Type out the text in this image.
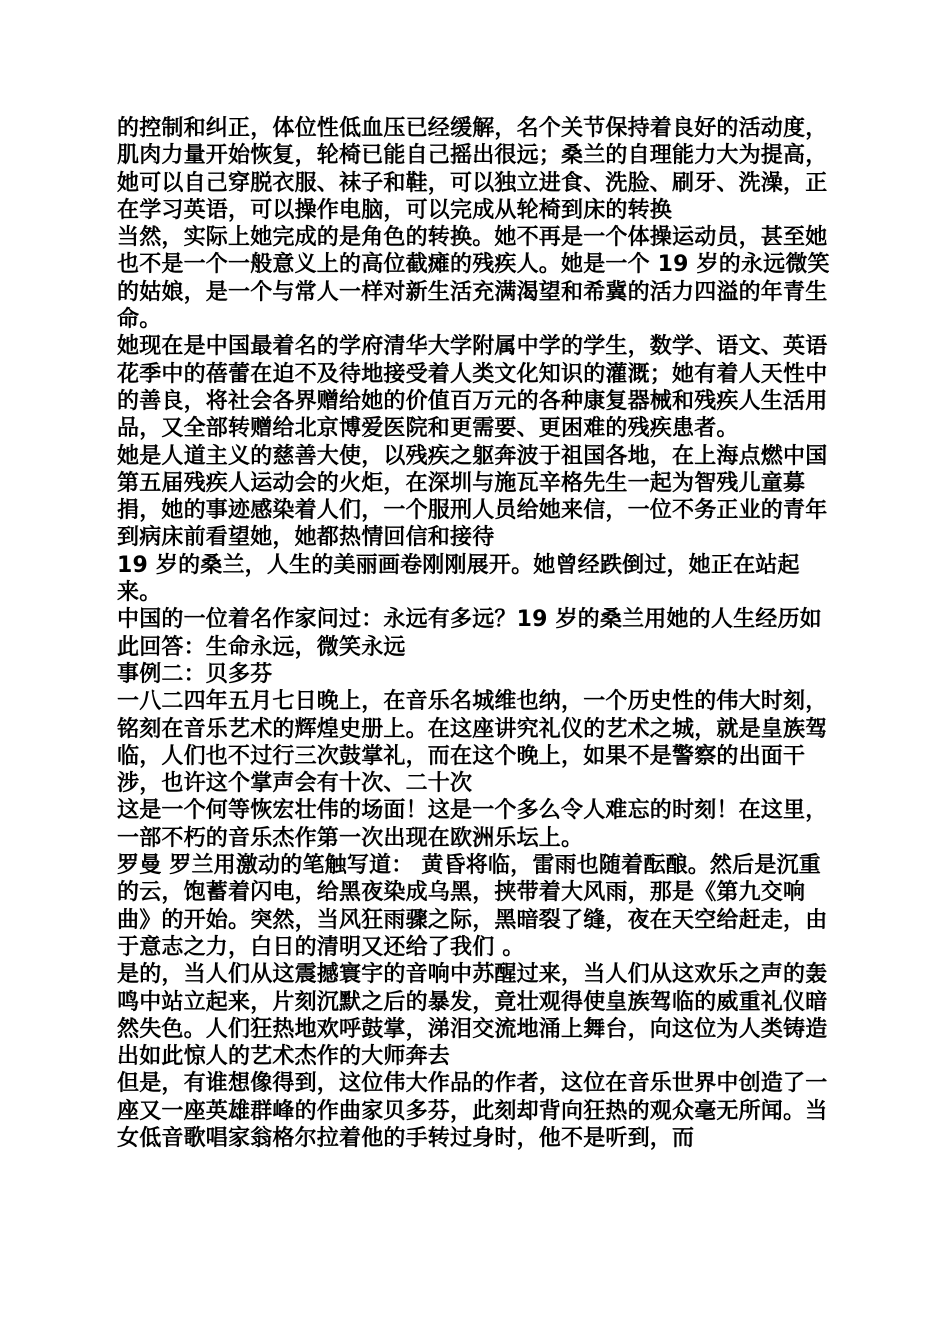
的控制和纠正，体位性低血压已经缓解，名个关节保持着良好的活动度，肌肉力量开始恢复，轮椅已能自己摇出很远；桑兰的自理能力大为提高，她可以自己穿脱衣服、袜子和鞋，可以独立进食、洗脸、刷牙、洗澡，正在学习英语，可以操作电脑，可以完成从轮椅到床的转换

当然，实际上她完成的是角色的转换。她不再是一个体操运动员，甚至她也不是一个一般意义上的高位截瘫的残疾人。她是一个 19 岁的永远微笑的姑娘，是一个与常人一样对新生活充满渴望和希冀的活力四溢的年青生命。

她现在是中国最着名的学府清华大学附属中学的学生，数学、语文、英语 花季中的蓓蕾在迫不及待地接受着人类文化知识的灌溉；她有着人天性中的善良，将社会各界赠给她的价值百万元的各种康复器械和残疾人生活用品，又全部转赠给北京博爱医院和更需要、更困难的残疾患者。

她是人道主义的慈善大使，以残疾之躯奔波于祖国各地，在上海点燃中国第五届残疾人运动会的火炬，在深圳与施瓦辛格先生一起为智残儿童募捐，她的事迹感染着人们，一个服刑人员给她来信，一位不务正业的青年到病床前看望她，她都热情回信和接待

19 岁的桑兰，人生的美丽画卷刚刚展开。她曾经跌倒过，她正在站起来。

中国的一位着名作家问过：永远有多远？19 岁的桑兰用她的人生经历如此回答：生命永远，微笑永远

事例二：贝多芬

一八二四年五月七日晚上，在音乐名城维也纳，一个历史性的伟大时刻，铭刻在音乐艺术的辉煌史册上。在这座讲究礼仪的艺术之城，就是皇族驾临，人们也不过行三次鼓掌礼，而在这个晚上，如果不是警察的出面干涉，也许这个掌声会有十次、二十次

这是一个何等恢宏壮伟的场面！这是一个多么令人难忘的时刻！在这里，一部不朽的音乐杰作第一次出现在欧洲乐坛上。

罗曼 罗兰用激动的笔触写道： 黄昏将临，雷雨也随着酝酿。然后是沉重的云，饱蓄着闪电，给黑夜染成乌黑，挟带着大风雨，那是《第九交响曲》的开始。突然，当风狂雨骤之际，黑暗裂了缝，夜在天空给赶走，由于意志之力，白日的清明又还给了我们 。

是的，当人们从这震撼寰宇的音响中苏醒过来，当人们从这欢乐之声的轰鸣中站立起来，片刻沉默之后的暴发，竟壮观得使皇族驾临的威重礼仪暗然失色。人们狂热地欢呼鼓掌，涕泪交流地涌上舞台，向这位为人类铸造出如此惊人的艺术杰作的大师奔去

但是，有谁想像得到，这位伟大作品的作者，这位在音乐世界中创造了一座又一座英雄群峰的作曲家贝多芬，此刻却背向狂热的观众毫无所闻。当女低音歌唱家翁格尔拉着他的手转过身时，他不是听到，而
